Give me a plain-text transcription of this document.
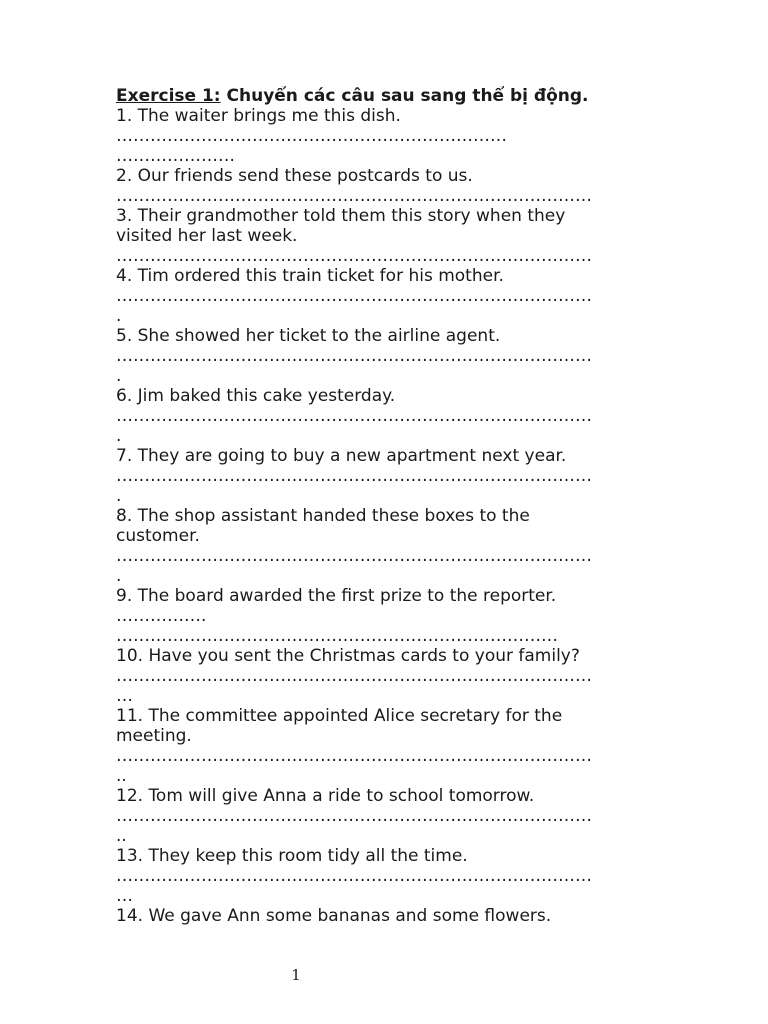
Exercise 1: Chuyển các câu sau sang thể bị động.
1. The waiter brings me this dish.
……………………………………………………………
…………………
2. Our friends send these postcards to us.
…………………………………………………………………………
3. Their grandmother told them this story when they
visited her last week.
…………………………………………………………………………
4. Tim ordered this train ticket for his mother.
…………………………………………………………………………
.
5. She showed her ticket to the airline agent.
…………………………………………………………………………
.
6. Jim baked this cake yesterday.
…………………………………………………………………………
.
7. They are going to buy a new apartment next year.
…………………………………………………………………………
.
8. The shop assistant handed these boxes to the
customer.
…………………………………………………………………………
.
9. The board awarded the first prize to the reporter.
…………….
……………………………………………………………………
10. Have you sent the Christmas cards to your family?
…………………………………………………………………………
…
11. The committee appointed Alice secretary for the
meeting.
…………………………………………………………………………
..
12. Tom will give Anna a ride to school tomorrow.
…………………………………………………………………………
..
13. They keep this room tidy all the time.
…………………………………………………………………………
…
14. We gave Ann some bananas and some flowers.
1
